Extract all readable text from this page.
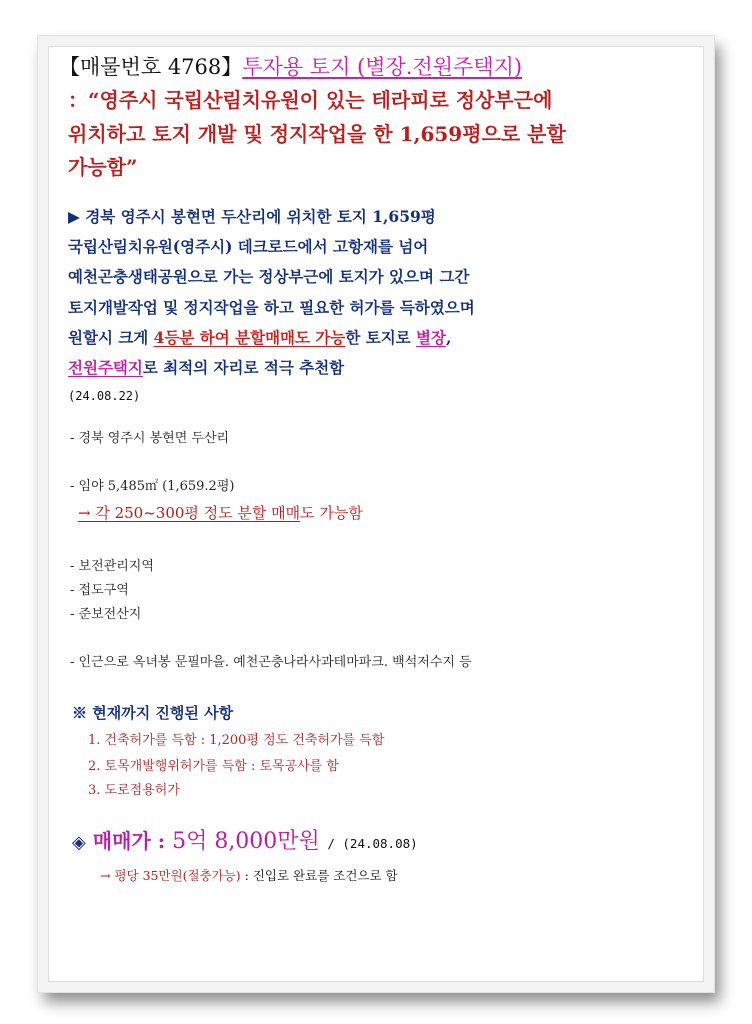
【매물번호 4768】투자용 토지 (별장.전원주택지)
：“영주시 국립산림치유원이 있는 테라피로 정상부근에
위치하고 토지 개발 및 정지작업을 한 1,659평으로 분할
가능함”
▶ 경북 영주시 봉현면 두산리에 위치한 토지 1,659평
국립산림치유원(영주시) 데크로드에서 고항재를 넘어
예천곤충생태공원으로 가는 정상부근에 토지가 있으며 그간
토지개발작업 및 정지작업을 하고 필요한 허가를 득하였으며
원할시 크게 4등분 하여 분할매매도 가능한 토지로 별장,
전원주택지로 최적의 자리로 적극 추천함
(24.08.22)
- 경북 영주시 봉현면 두산리
- 임야 5,485㎡ (1,659.2평)
→ 각 250~300평 정도 분할 매매도 가능함
- 보전관리지역
- 접도구역
- 준보전산지
- 인근으로 옥녀봉 문필마을. 예천곤충나라사과테마파크. 백석저수지 등
※ 현재까지 진행된 사항
1. 건축허가를 득함 : 1,200평 정도 건축허가를 득함
2. 토목개발행위허가를 득함 : 토목공사를 함
3. 도로점용허가
◈ 매매가 : 5억 8,000만원 / (24.08.08)
→ 평당 35만원(절충가능) : 진입로 완료를 조건으로 함
